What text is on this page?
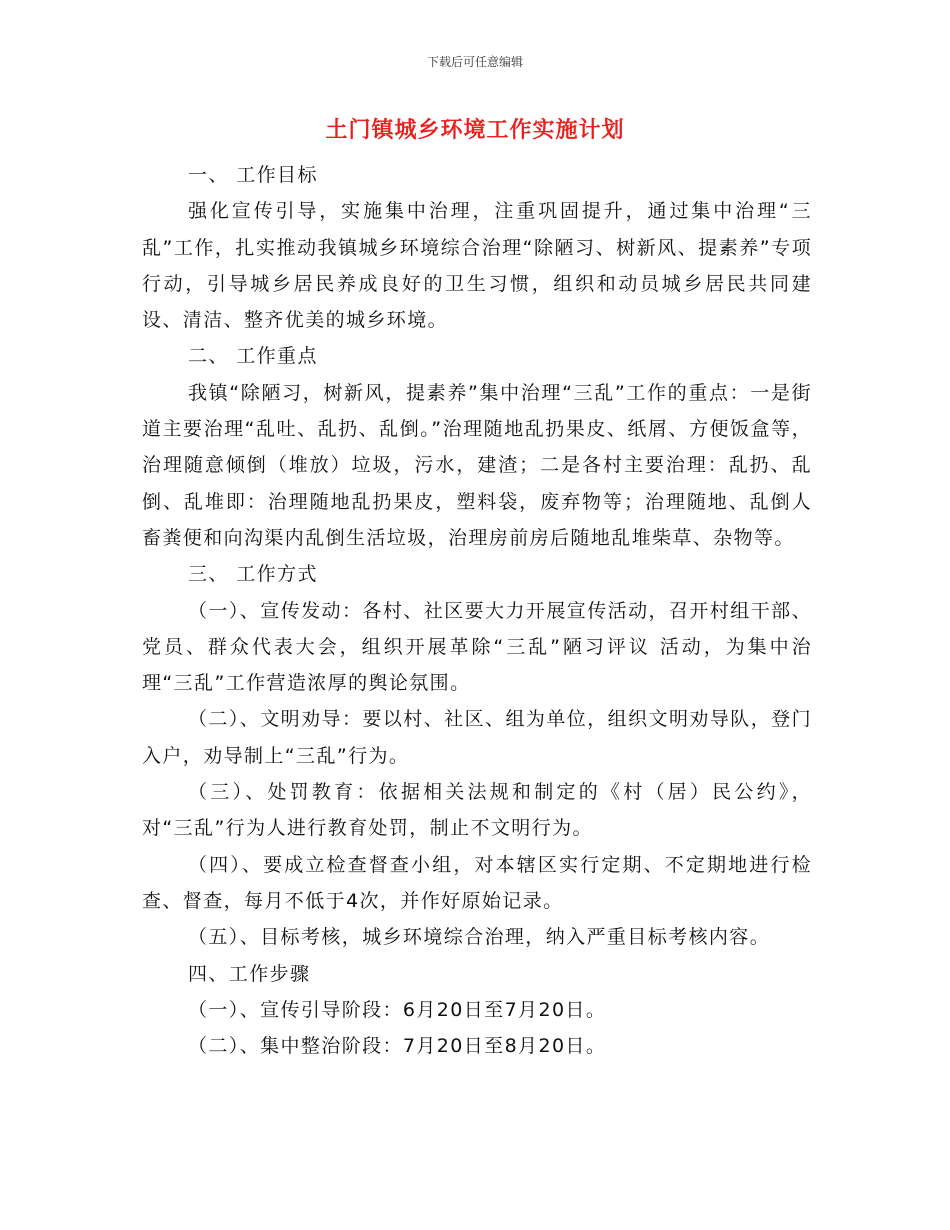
下载后可任意编辑
土门镇城乡环境工作实施计划

一、 工作目标

强化宣传引导，实施集中治理，注重巩固提升，通过集中治理“三乱”工作，扎实推动我镇城乡环境综合治理“除陋习、树新风、提素养”专项行动，引导城乡居民养成良好的卫生习惯，组织和动员城乡居民共同建设、清洁、整齐优美的城乡环境。

二、 工作重点

我镇“除陋习，树新风，提素养”集中治理“三乱”工作的重点：一是街道主要治理“乱吐、乱扔、乱倒。”治理随地乱扔果皮、纸屑、方便饭盒等，治理随意倾倒（堆放）垃圾，污水，建渣；二是各村主要治理：乱扔、乱倒、乱堆即：治理随地乱扔果皮，塑料袋，废弃物等；治理随地、乱倒人畜粪便和向沟渠内乱倒生活垃圾，治理房前房后随地乱堆柴草、杂物等。

三、 工作方式

（一）、宣传发动：各村、社区要大力开展宣传活动，召开村组干部、党员、群众代表大会，组织开展革除“三乱”陋习评议 活动，为集中治理“三乱”工作营造浓厚的舆论氛围。

（二）、文明劝导：要以村、社区、组为单位，组织文明劝导队，登门入户，劝导制上“三乱”行为。

（三）、处罚教育：依据相关法规和制定的《村（居）民公约》，对“三乱”行为人进行教育处罚，制止不文明行为。

（四）、要成立检查督查小组，对本辖区实行定期、不定期地进行检查、督查，每月不低于4次，并作好原始记录。

（五）、目标考核，城乡环境综合治理，纳入严重目标考核内容。

四、工作步骤

（一）、宣传引导阶段：6月20日至7月20日。

（二）、集中整治阶段：7月20日至8月20日。
